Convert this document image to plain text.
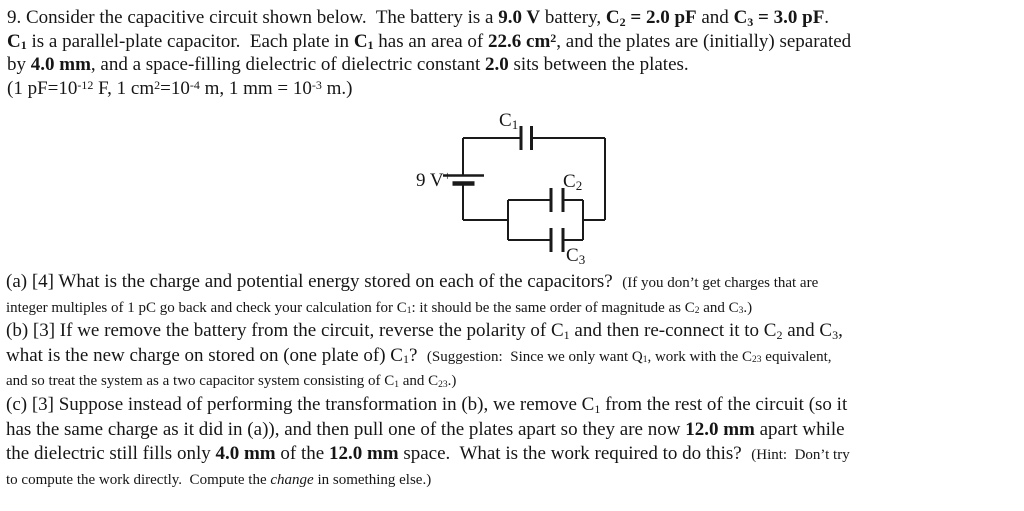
9. Consider the capacitive circuit shown below.  The battery is a 9.0 V battery, C2 = 2.0 pF and C3 = 3.0 pF.
C1 is a parallel-plate capacitor.  Each plate in C1 has an area of 22.6 $cm^2$, and the plates are (initially) separated
by 4.0 mm, and a space-filling dielectric of dielectric constant 2.0 sits between the plates.
(1 $pF=10^{-12}$ F, 1 $cm^2=10^{-4}$ m, 1 mm = $10^{-3}$ m.)
9 V+
C1
C2
C3
(a) [4] What is the charge and potential energy stored on each of the capacitors?  (If you don’t get charges that are
integer multiples of 1 pC go back and check your calculation for C1: it should be the same order of magnitude as C2 and C3.)
(b) [3] If we remove the battery from the circuit, reverse the polarity of C1 and then re-connect it to C2 and C3,
what is the new charge on stored on (one plate of) C1?  (Suggestion:  Since we only want Q1, work with the C23 equivalent,
and so treat the system as a two capacitor system consisting of C1 and C23.)
(c) [3] Suppose instead of performing the transformation in (b), we remove C1 from the rest of the circuit (so it
has the same charge as it did in (a)), and then pull one of the plates apart so they are now 12.0 mm apart while
the dielectric still fills only 4.0 mm of the 12.0 mm space.  What is the work required to do this?  (Hint:  Don’t try
to compute the work directly.  Compute the change in something else.)
